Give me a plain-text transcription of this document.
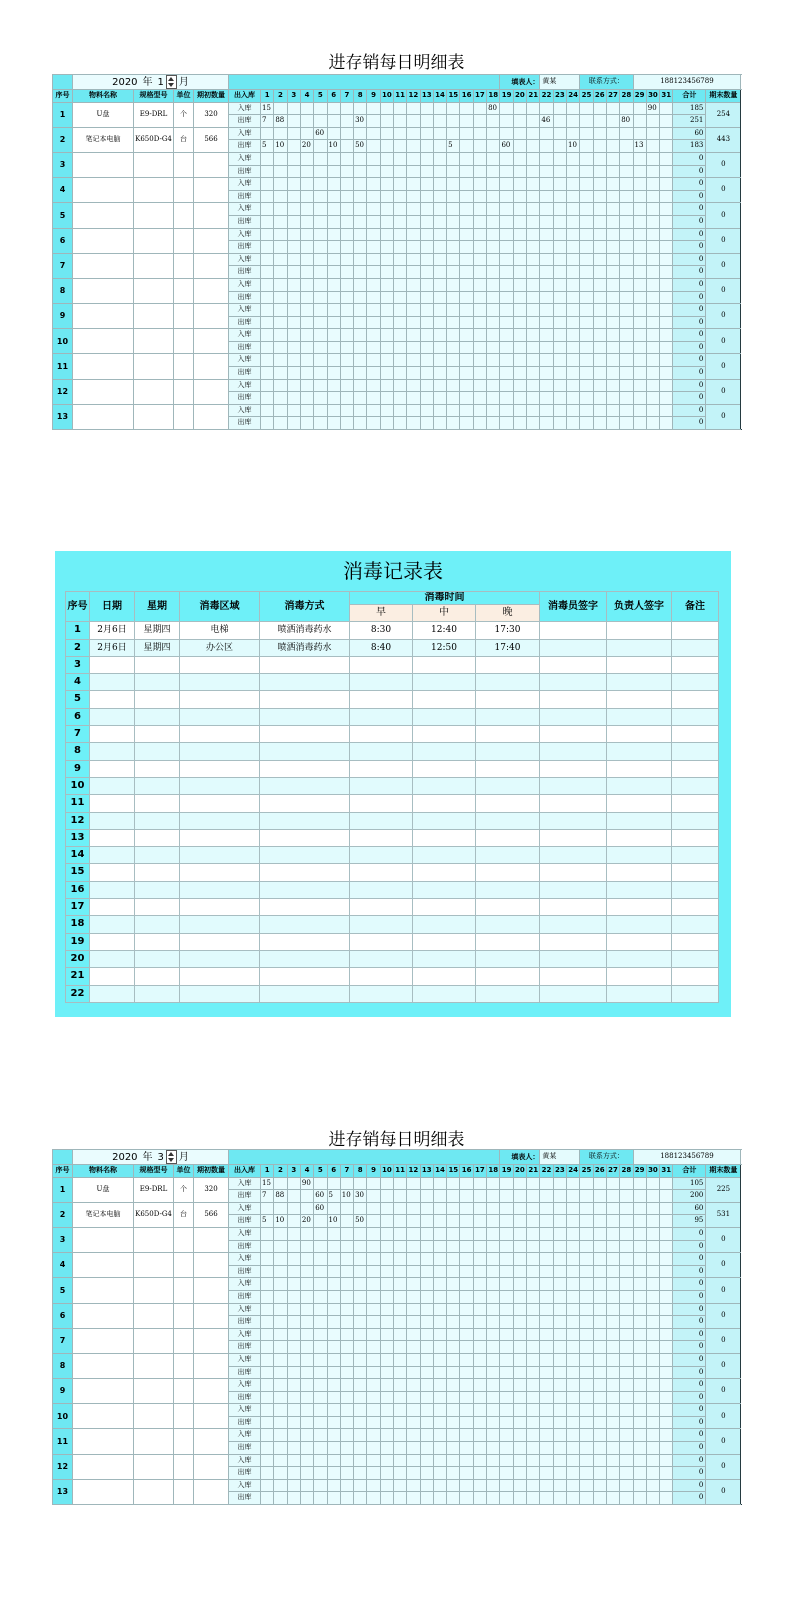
进存销每日明细表
	2020 年 1 月																							填表人：			黄某			联系方式：				188123456789					
序号	物料名称	规格型号	单位	期初数量	出入库	1	2	3	4	5	6	7	8	9	10	11	12	13	14	15	16	17	18	19	20	21	22	23	24	25	26	27	28	29	30	31	合计	期末数量	
1	U盘	E9-DRL	个	320	入库	15																	80												90		185	254	
					出库	7	88						30														46						80				251		
2	笔记本电脑	K650D-G4	台	566	入库					60																											60	443	
					出库	5	10		20		10		50							5				60					10					13			183		
3					入库																																0	0	
					出库																																0		
4					入库																																0	0	
					出库																																0		
5					入库																																0	0	
					出库																																0		
6					入库																																0	0	
					出库																																0		
7					入库																																0	0	
					出库																																0		
8					入库																																0	0	
					出库																																0		
9					入库																																0	0	
					出库																																0		
10					入库																																0	0	
					出库																																0		
11					入库																																0	0	
					出库																																0		
12					入库																																0	0	
					出库																																0		
13					入库																																0	0	
					出库																																0		
消毒记录表
序号	日期	星期	消毒区域	消毒方式	消毒时间			消毒员签字	负责人签字	备注
					早	中	晚			
1	2月6日	星期四	电梯	喷洒消毒药水	8:30	12:40	17:30			
2	2月6日	星期四	办公区	喷洒消毒药水	8:40	12:50	17:40			
3										
4										
5										
6										
7										
8										
9										
10										
11										
12										
13										
14										
15										
16										
17										
18										
19										
20										
21										
22										
进存销每日明细表
	2020 年 3 月																							填表人：			黄某			联系方式：				188123456789					
序号	物料名称	规格型号	单位	期初数量	出入库	1	2	3	4	5	6	7	8	9	10	11	12	13	14	15	16	17	18	19	20	21	22	23	24	25	26	27	28	29	30	31	合计	期末数量	
1	U盘	E9-DRL	个	320	入库	15			90																												105	225	
					出库	7	88			60	5	10	30																								200		
2	笔记本电脑	K650D-G4	台	566	入库					60																											60	531	
					出库	5	10		20		10		50																								95		
3					入库																																0	0	
					出库																																0		
4					入库																																0	0	
					出库																																0		
5					入库																																0	0	
					出库																																0		
6					入库																																0	0	
					出库																																0		
7					入库																																0	0	
					出库																																0		
8					入库																																0	0	
					出库																																0		
9					入库																																0	0	
					出库																																0		
10					入库																																0	0	
					出库																																0		
11					入库																																0	0	
					出库																																0		
12					入库																																0	0	
					出库																																0		
13					入库																																0	0	
					出库																																0		
